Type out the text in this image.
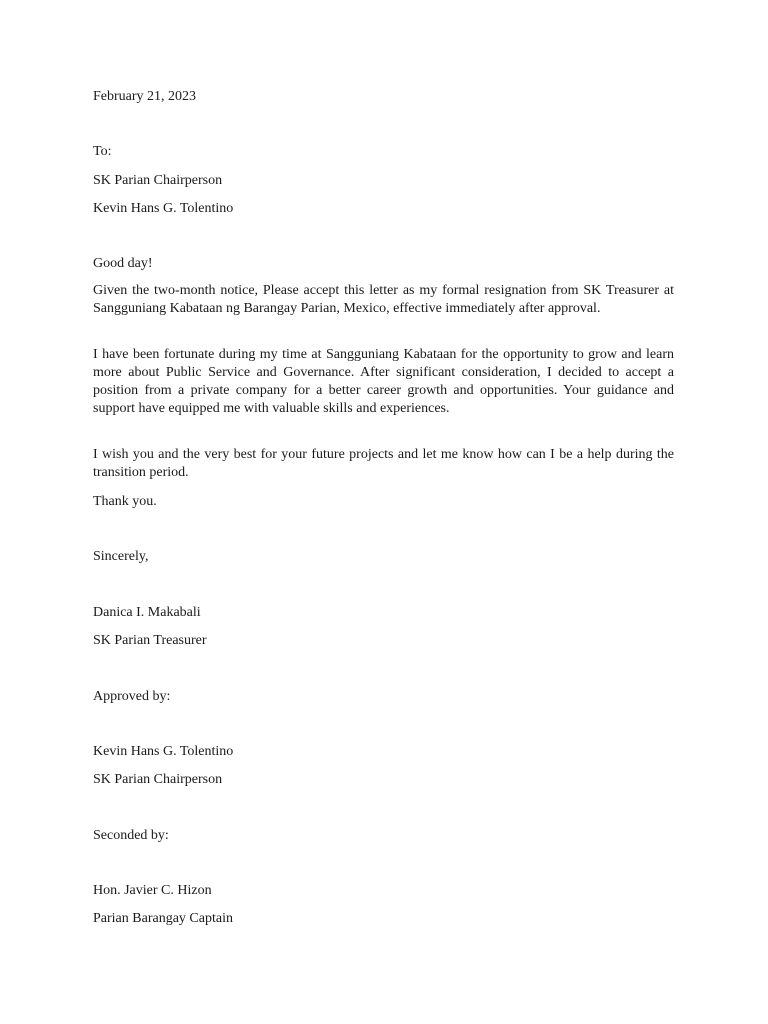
February 21, 2023
To:
SK Parian Chairperson
Kevin Hans G. Tolentino
Good day!
Given the two-month notice, Please accept this letter as my formal resignation from SK Treasurer at Sangguniang Kabataan ng Barangay Parian, Mexico, effective immediately after approval.
I have been fortunate during my time at Sangguniang Kabataan for the opportunity to grow and learn more about Public Service and Governance. After significant consideration, I decided to accept a position from a private company for a better career growth and opportunities. Your guidance and support have equipped me with valuable skills and experiences.
I wish you and the very best for your future projects and let me know how can I be a help during the transition period.
Thank you.
Sincerely,
Danica I. Makabali
SK Parian Treasurer
Approved by:
Kevin Hans G. Tolentino
SK Parian Chairperson
Seconded by:
Hon. Javier C. Hizon
Parian Barangay Captain
